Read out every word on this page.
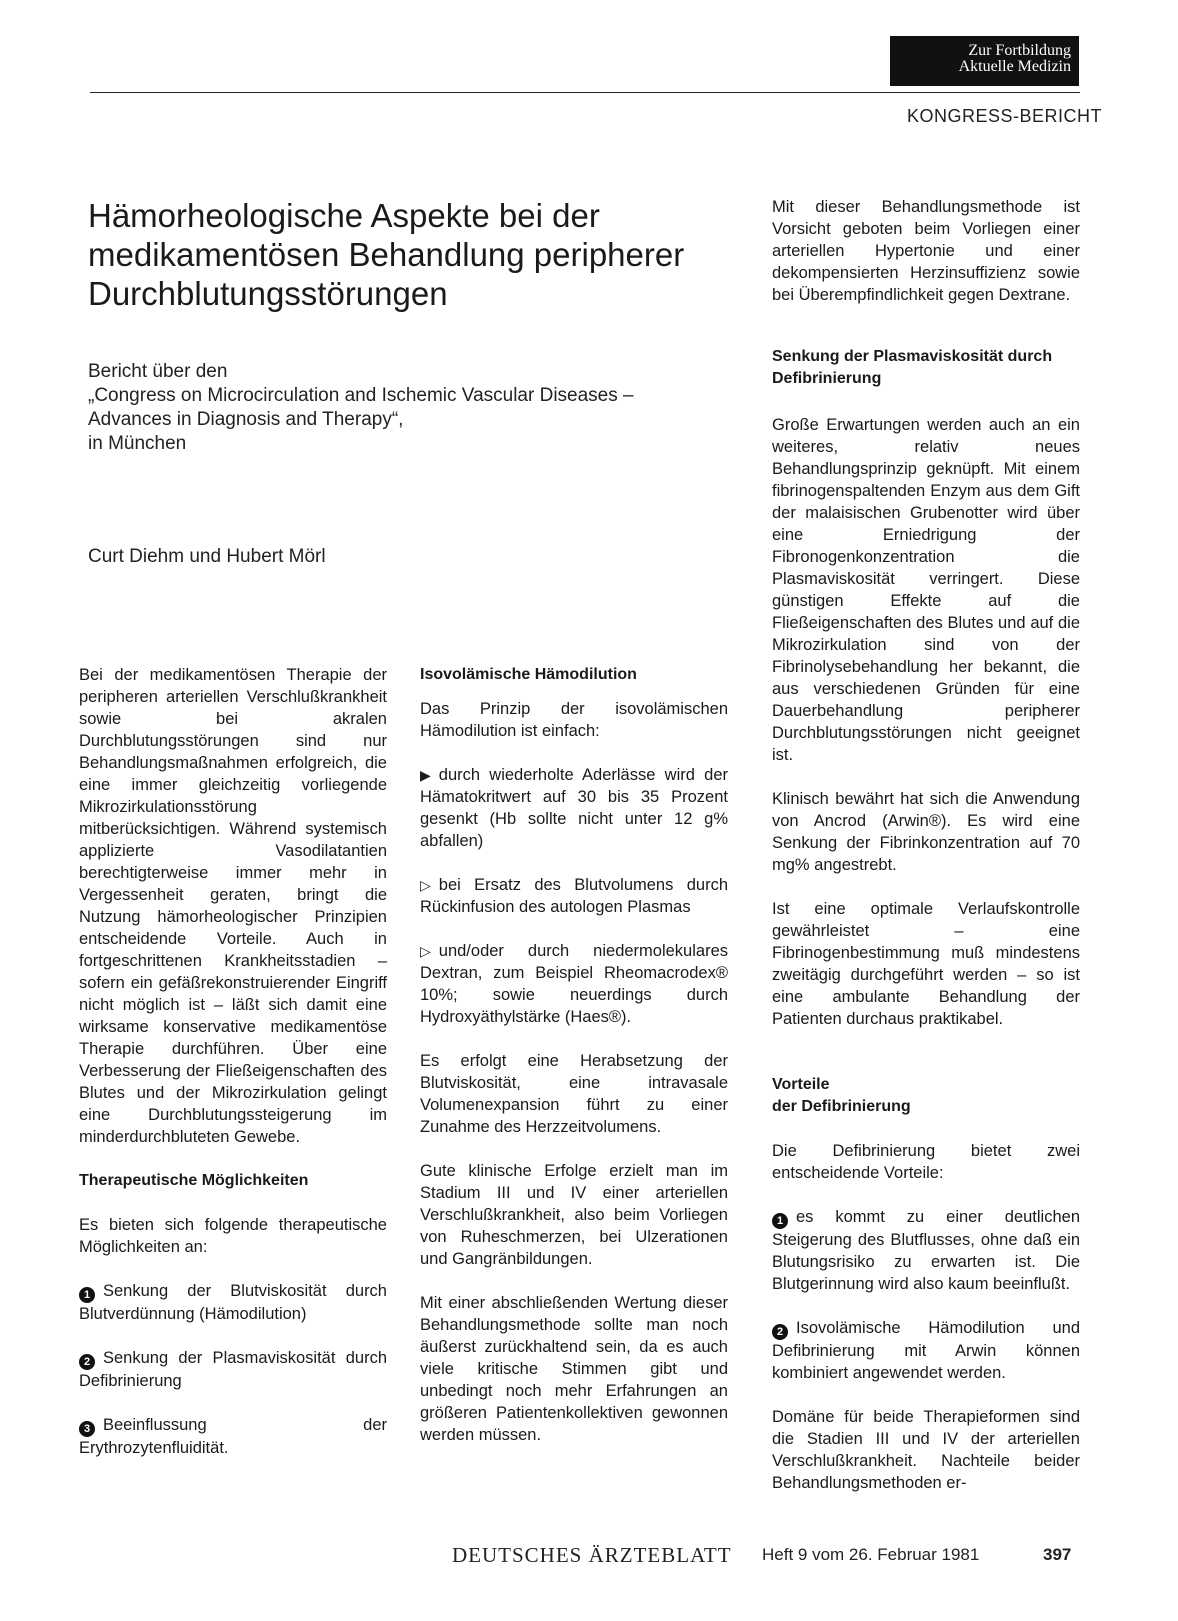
Zur Fortbildung
Aktuelle Medizin
KONGRESS-BERICHT
Hämorheologische Aspekte bei der medikamentösen Behandlung peripherer Durchblutungsstörungen
Bericht über den
„Congress on Microcirculation and Ischemic Vascular Diseases –
Advances in Diagnosis and Therapy“,
in München
Curt Diehm und Hubert Mörl

Bei der medikamentösen Therapie der peripheren arteriellen Verschlußkrankheit sowie bei akralen Durchblutungsstörungen sind nur Behandlungsmaßnahmen erfolgreich, die eine immer gleichzeitig vorliegende Mikrozirkulationsstörung mitberücksichtigen. Während systemisch applizierte Vasodilatantien berechtigterweise immer mehr in Vergessenheit geraten, bringt die Nutzung hämorheologischer Prinzipien entscheidende Vorteile. Auch in fortgeschrittenen Krankheitsstadien – sofern ein gefäßrekonstruierender Eingriff nicht möglich ist – läßt sich damit eine wirksame konservative medikamentöse Therapie durchführen. Über eine Verbesserung der Fließeigenschaften des Blutes und der Mikrozirkulation gelingt eine Durchblutungssteigerung im minderdurchbluteten Gewebe.

Therapeutische Möglichkeiten

Es bieten sich folgende therapeutische Möglichkeiten an:

1 Senkung der Blutviskosität durch Blutverdünnung (Hämodilution)

2 Senkung der Plasmaviskosität durch Defibrinierung

3 Beeinflussung der Erythrozytenfluidität.

Isovolämische Hämodilution

Das Prinzip der isovolämischen Hämodilution ist einfach:

▶ durch wiederholte Aderlässe wird der Hämatokritwert auf 30 bis 35 Prozent gesenkt (Hb sollte nicht unter 12 g% abfallen)

▷ bei Ersatz des Blutvolumens durch Rückinfusion des autologen Plasmas

▷ und/oder durch niedermolekulares Dextran, zum Beispiel Rheomacrodex® 10%; sowie neuerdings durch Hydroxyäthylstärke (Haes®).

Es erfolgt eine Herabsetzung der Blutviskosität, eine intravasale Volumenexpansion führt zu einer Zunahme des Herzzeitvolumens.

Gute klinische Erfolge erzielt man im Stadium III und IV einer arteriellen Verschlußkrankheit, also beim Vorliegen von Ruheschmerzen, bei Ulzerationen und Gangränbildungen.

Mit einer abschließenden Wertung dieser Behandlungsmethode sollte man noch äußerst zurückhaltend sein, da es auch viele kritische Stimmen gibt und unbedingt noch mehr Erfahrungen an größeren Patientenkollektiven gewonnen werden müssen.

Mit dieser Behandlungsmethode ist Vorsicht geboten beim Vorliegen einer arteriellen Hypertonie und einer dekompensierten Herzinsuffizienz sowie bei Überempfindlichkeit gegen Dextrane.

Senkung der Plasmaviskosität durch Defibrinierung

Große Erwartungen werden auch an ein weiteres, relativ neues Behandlungsprinzip geknüpft. Mit einem fibrinogenspaltenden Enzym aus dem Gift der malaisischen Grubenotter wird über eine Erniedrigung der Fibronogenkonzentration die Plasmaviskosität verringert. Diese günstigen Effekte auf die Fließeigenschaften des Blutes und auf die Mikrozirkulation sind von der Fibrinolysebehandlung her bekannt, die aus verschiedenen Gründen für eine Dauerbehandlung peripherer Durchblutungsstörungen nicht geeignet ist.

Klinisch bewährt hat sich die Anwendung von Ancrod (Arwin®). Es wird eine Senkung der Fibrinkonzentration auf 70 mg% angestrebt.

Ist eine optimale Verlaufskontrolle gewährleistet – eine Fibrinogenbestimmung muß mindestens zweitägig durchgeführt werden – so ist eine ambulante Behandlung der Patienten durchaus praktikabel.

Vorteile
der Defibrinierung

Die Defibrinierung bietet zwei entscheidende Vorteile:

1 es kommt zu einer deutlichen Steigerung des Blutflusses, ohne daß ein Blutungsrisiko zu erwarten ist. Die Blutgerinnung wird also kaum beeinflußt.

2 Isovolämische Hämodilution und Defibrinierung mit Arwin können kombiniert angewendet werden.

Domäne für beide Therapieformen sind die Stadien III und IV der arteriellen Verschlußkrankheit. Nachteile beider Behandlungsmethoden er-

DEUTSCHES ÄRZTEBLATT Heft 9 vom 26. Februar 1981	397
